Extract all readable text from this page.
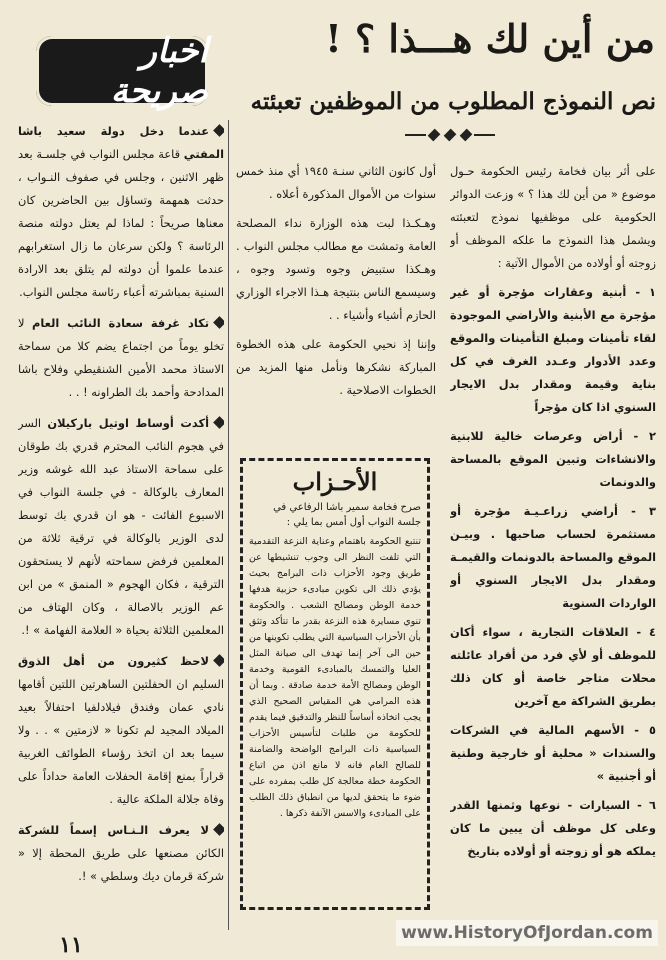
من أين لك هـــذا ؟ !
نص النموذج المطلوب من الموظفين تعبئته

على أثر بيان فخامة رئيس الحكومة حـول موضوع « من أين لك هذا ؟ » وزعت الدوائر الحكومية على موظفيها نموذج لتعبئته ويشمل هذا النموذج ما علكه الموظف أو زوجته أو أولاده من الأموال الآتية :

١ - أبنية وعقارات مؤجرة أو غير مؤجرة مع الأبنية والأراضي الموجودة لقاء تأمينات ومبلغ التأمينات والموقع وعدد الأدوار وعـدد الغرف في كل بناية وقيمة ومقدار بدل الايجار السنوي اذا كان مؤجراً

٢ - أراض وعرصات خالية للابنية والانشاءات وتبين الموقع بالمساحة والدونمات

٣ - أراضي زراعـيـة مؤجرة أو مستثمرة لحساب صاحبها . وبيـن الموقع والمساحة بالدونمات والقيمـة ومقدار بدل الايجار السنوي أو الواردات السنوية

٤ - العلاقات التجارية ، سواء أكان للموظف أو لأي فرد من أفراد عائلته محلات متاجر خاصة أو كان ذلك بطريق الشراكة مع آخرين

٥ - الأسهم المالية في الشركات والسندات « محلية أو خارجية وطنية أو أجنبية »

٦ - السيارات - نوعها وثمنها القدر وعلى كل موظف أن يبين ما كان يملكه هو أو زوجته أو أولاده بتاريخ

أول كانون الثاني سنـة ١٩٤٥ أي منذ خمس سنوات من الأموال المذكورة أعلاه .

وهـكـذا لبت هذه الوزارة نداء المصلحة العامة وتمشت مع مطالب مجلس النواب . وهـكذا ستبيض وجوه وتسود وجوه ، وسيسمع الناس بنتيجة هـذا الاجراء الوزاري الحازم أشياء وأشياء . .

وإننا إذ نحيي الحكومة على هذه الخطوة المباركة نشكرها ونأمل منها المزيد من الخطوات الاصلاحية .

الأحـزاب
صرح فخامة سمير باشا الرفاعي في جلسة النواب أول أمس بما يلي :
تنتبع الحكومة باهتمام وعناية النزعة التقدمية التي تلفت النظر الى وجوب تنشيطها عن طريق وجود الأحزاب ذات البرامج بحيث يؤدي ذلك الى تكوين مبادىء حزبية هدفها خدمة الوطن ومصالح الشعب . والحكومة تنوي مسايرة هذه النزعة بقدر ما تتأكد وتثق بأن الأحزاب السياسية التي يطلب تكوينها من حين الى آخر إنما تهدف الى صيانة المثل العليا والتمسك بالمبادىء القومية وخدمة الوطن ومصالح الأمة خدمة صادقة . وبما أن هذه المرامي هي المقياس الصحيح الذي يجب اتخاذه أساساً للنظر والتدقيق فيما يقدم للحكومة من طلبات لتأسيس الأحزاب السياسية ذات البرامج الواضحة والضامنة للصالح العام فانه لا مانع اذن من اتباع الحكومة خطة معالجة كل طلب بمفرده على ضوء ما يتحقق لديها من انطباق ذلك الطلب على المبادىء والاسس الآنفة ذكرها .
اخبار صريحة
عندما دخل دولة سعيد باشا المفتي قاعة مجلس النواب في جلسـة بعد ظهر الاثنين ، وجلس في صفوف النـواب ، حدثت همهمة وتساؤل بين الحاضرين كان معناها صريحاً : لماذا لم يعتل دولته منصة الرئاسة ؟ ولكن سرعان ما زال استغرابهم عندما علموا أن دولته لم يتلق بعد الارادة السنية بمباشرته أعباء رئاسة مجلس النواب.
تكاد غرفة سعادة النائب العام لا تخلو يوماً من اجتماع يضم كلا من سماحة الاستاذ محمد الأمين الشنقيطي وفلاح باشا المدادحة وأحمد بك الطراونه ! . .
أكدت أوساط اوتيل باركيلان السر في هجوم النائب المحترم قدري بك طوقان على سماحة الاستاذ عبد الله غوشه وزير المعارف بالوكالة - في جلسة النواب في الاسبوع الفائت - هو ان قدري بك توسط لدى الوزير بالوكالة في ترقية ثلاثة من المعلمين فرفض سماحته لأنهم لا يستحقون الترقية ، فكان الهجوم « المنمق » من ابن عم الوزير بالاصالة ، وكان الهتاف من المعلمين الثلاثة بحياة « العلامة الفهامة » !.
لاحظ كثيرون من أهل الذوق السليم ان الحفلتين الساهرتين اللتين أقامها نادي عمان وفندق فيلادلفيا احتفالاً بعيد الميلاد المجيد لم تكونا « لازمتين » . . ولا سيما بعد ان اتخذ رؤساء الطوائف الغربية قراراً بمنع إقامة الحفلات العامة حداداً على وفاة جلالة الملكة عالية .
لا يعرف الـنـاس إسماً للشركة الكائن مصنعها على طريق المحطة إلا « شركة قرمان ديك وسلطي » !.
١١	www.HistoryOfJordan.com
